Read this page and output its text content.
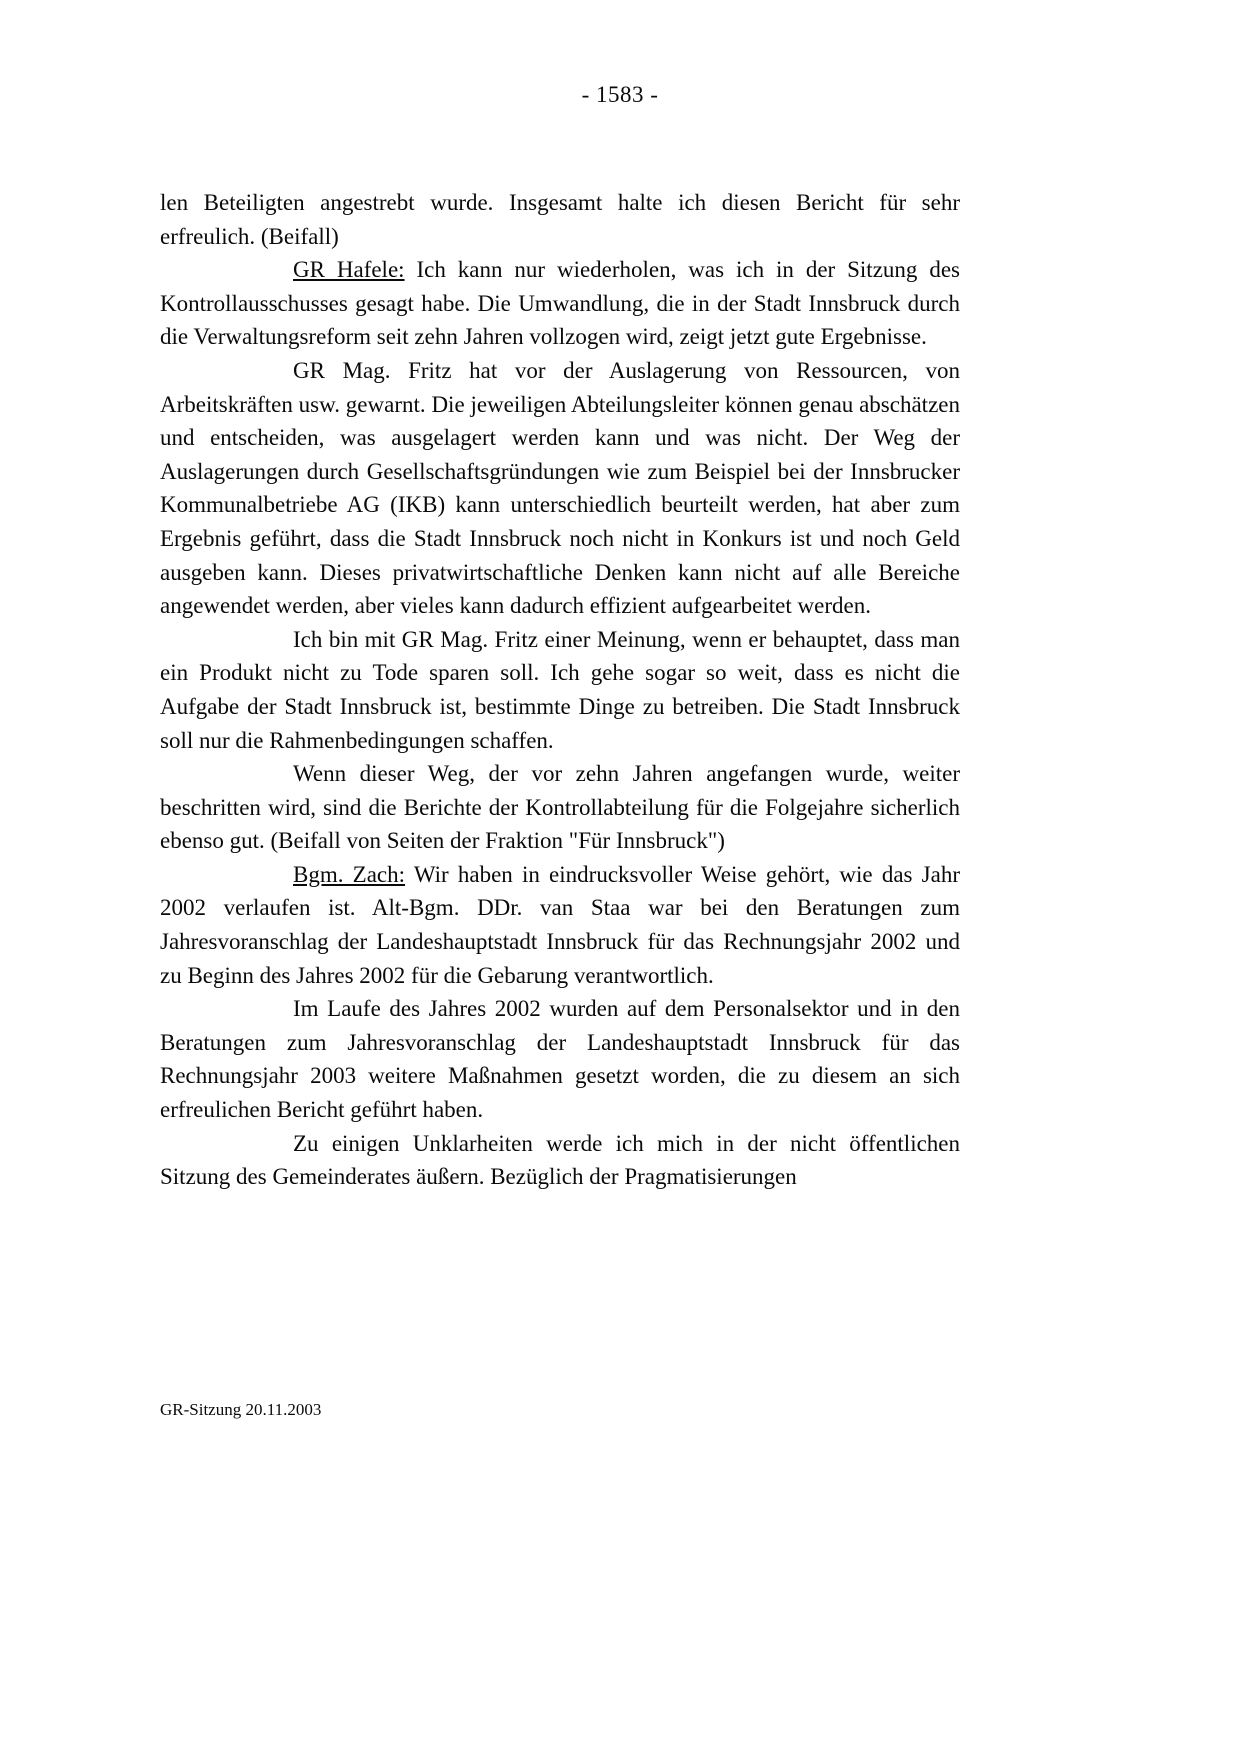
- 1583 -

len Beteiligten angestrebt wurde. Insgesamt halte ich diesen Bericht für sehr erfreulich. (Beifall)

GR Hafele: Ich kann nur wiederholen, was ich in der Sitzung des Kontrollausschusses gesagt habe. Die Umwandlung, die in der Stadt Innsbruck durch die Verwaltungsreform seit zehn Jahren vollzogen wird, zeigt jetzt gute Ergebnisse.

GR Mag. Fritz hat vor der Auslagerung von Ressourcen, von Arbeitskräften usw. gewarnt. Die jeweiligen Abteilungsleiter können genau abschätzen und entscheiden, was ausgelagert werden kann und was nicht. Der Weg der Auslagerungen durch Gesellschaftsgründungen wie zum Beispiel bei der Innsbrucker Kommunalbetriebe AG (IKB) kann unterschiedlich beurteilt werden, hat aber zum Ergebnis geführt, dass die Stadt Innsbruck noch nicht in Konkurs ist und noch Geld ausgeben kann. Dieses privatwirtschaftliche Denken kann nicht auf alle Bereiche angewendet werden, aber vieles kann dadurch effizient aufgearbeitet werden.

Ich bin mit GR Mag. Fritz einer Meinung, wenn er behauptet, dass man ein Produkt nicht zu Tode sparen soll. Ich gehe sogar so weit, dass es nicht die Aufgabe der Stadt Innsbruck ist, bestimmte Dinge zu betreiben. Die Stadt Innsbruck soll nur die Rahmenbedingungen schaffen.

Wenn dieser Weg, der vor zehn Jahren angefangen wurde, weiter beschritten wird, sind die Berichte der Kontrollabteilung für die Folgejahre sicherlich ebenso gut. (Beifall von Seiten der Fraktion "Für Innsbruck")

Bgm. Zach: Wir haben in eindrucksvoller Weise gehört, wie das Jahr 2002 verlaufen ist. Alt-Bgm. DDr. van Staa war bei den Beratungen zum Jahresvoranschlag der Landeshauptstadt Innsbruck für das Rechnungsjahr 2002 und zu Beginn des Jahres 2002 für die Gebarung verantwortlich.

Im Laufe des Jahres 2002 wurden auf dem Personalsektor und in den Beratungen zum Jahresvoranschlag der Landeshauptstadt Innsbruck für das Rechnungsjahr 2003 weitere Maßnahmen gesetzt worden, die zu diesem an sich erfreulichen Bericht geführt haben.

Zu einigen Unklarheiten werde ich mich in der nicht öffentlichen Sitzung des Gemeinderates äußern. Bezüglich der Pragmatisierungen

GR-Sitzung 20.11.2003
